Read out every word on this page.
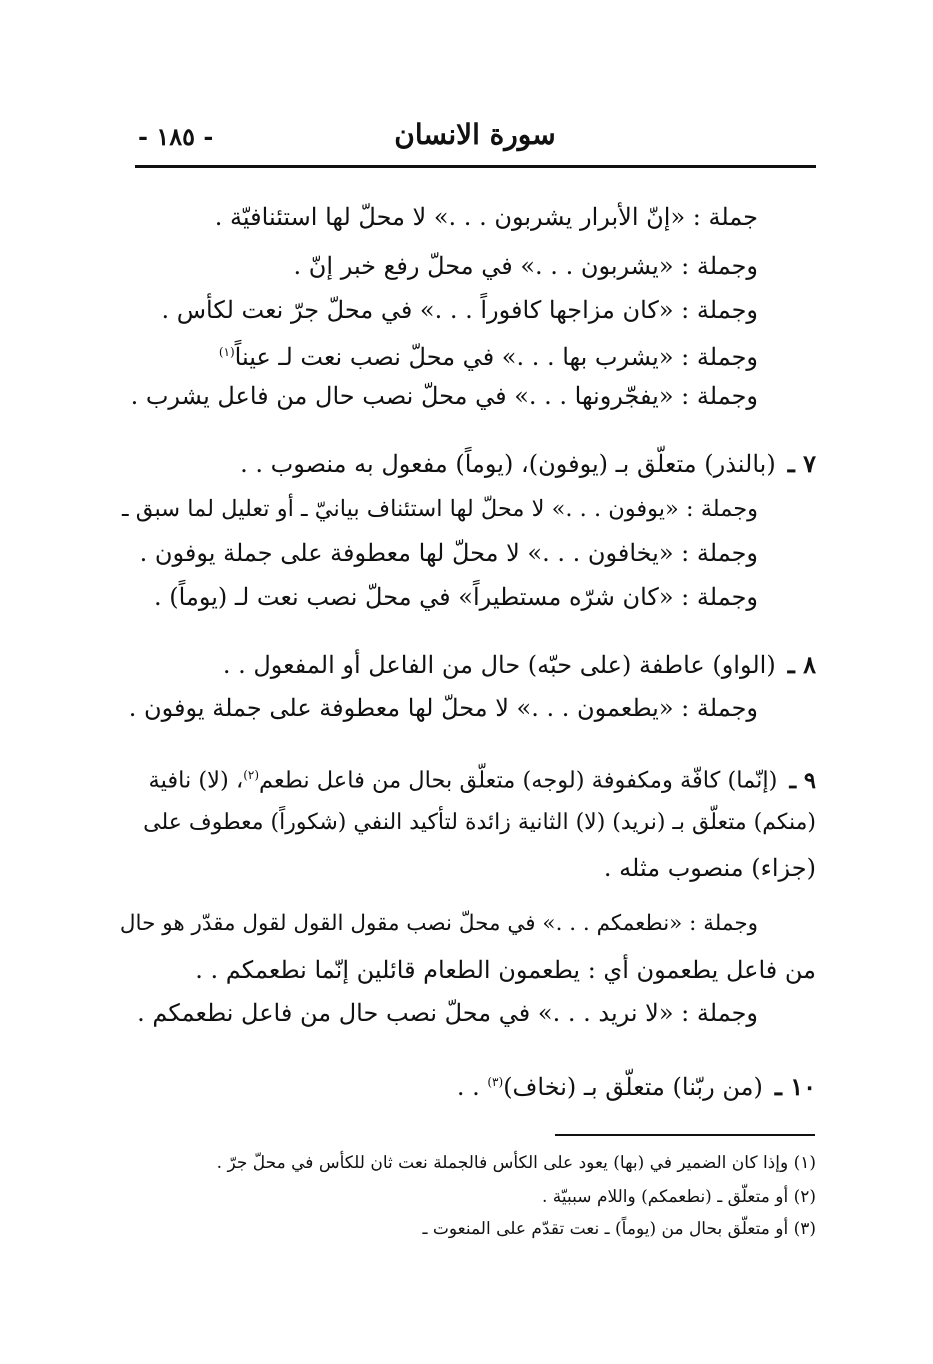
سورة الانسان
- ١٨٥ -
جملة : «إنّ الأبرار يشربون . . .» لا محلّ لها استئنافيّة .
وجملة : «يشربون . . .» في محلّ رفع خبر إنّ .
وجملة : «كان مزاجها كافوراً . . .» في محلّ جرّ نعت لكأس .
وجملة : «يشرب بها . . .» في محلّ نصب نعت لـ عيناً$^{(١)}$
وجملة : «يفجّرونها . . .» في محلّ نصب حال من فاعل يشرب .
٧ ـ(بالنذر) متعلّق بـ (يوفون)، (يوماً) مفعول به منصوب . .
وجملة : «يوفون . . .» لا محلّ لها استئناف بيانيّ ـ أو تعليل لما سبق ـ
وجملة : «يخافون . . .» لا محلّ لها معطوفة على جملة يوفون .
وجملة : «كان شرّه مستطيراً» في محلّ نصب نعت لـ (يوماً) .
٨ ـ(الواو) عاطفة (على حبّه) حال من الفاعل أو المفعول . .
وجملة : «يطعمون . . .» لا محلّ لها معطوفة على جملة يوفون .
٩ ـ(إنّما) كافّة ومكفوفة (لوجه) متعلّق بحال من فاعل نطعم$^{(٢)}$، (لا) نافية
(منكم) متعلّق بـ (نريد) (لا) الثانية زائدة لتأكيد النفي (شكوراً) معطوف على
(جزاء) منصوب مثله .
وجملة : «نطعمكم . . .» في محلّ نصب مقول القول لقول مقدّر هو حال
من فاعل يطعمون أي : يطعمون الطعام قائلين إنّما نطعمكم . .
وجملة : «لا نريد . . .» في محلّ نصب حال من فاعل نطعمكم .
١٠ ـ(من ربّنا) متعلّق بـ (نخاف)$^{(٣)}$ . .
(١) وإذا كان الضمير في (بها) يعود على الكأس فالجملة نعت ثان للكأس في محلّ جرّ .
(٢) أو متعلّق ـ (نطعمكم) واللام سببيّة .
(٣) أو متعلّق بحال من (يوماً) ـ نعت تقدّم على المنعوت ـ
